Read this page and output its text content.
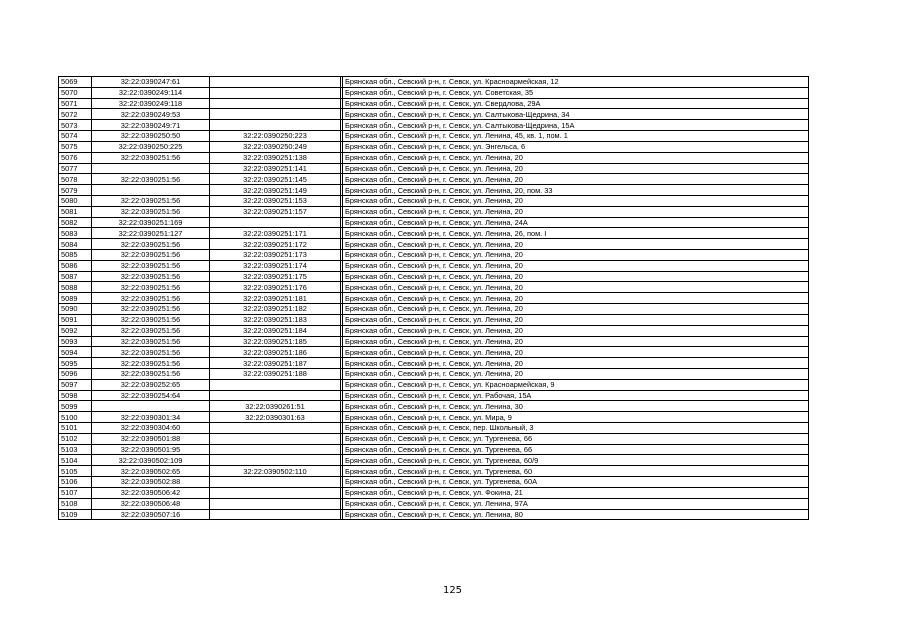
5069	32:22:0390247:61			Брянская обл., Севский р-н, г. Севск, ул. Красноармейская, 12
5070	32:22:0390249:114			Брянская обл., Севский р-н, г. Севск, ул. Советская, 35
5071	32:22:0390249:118			Брянская обл., Севский р-н, г. Севск, ул. Свердлова, 29А
5072	32:22:0390249:53			Брянская обл., Севский р-н, г. Севск, ул. Салтыкова-Щедрина, 34
5073	32:22:0390249:71			Брянская обл., Севский р-н, г. Севск, ул. Салтыкова-Щедрина, 15А
5074	32:22:0390250:50	32:22:0390250:223		Брянская обл., Севский р-н, г. Севск, ул. Ленина, 45, кв. 1, пом. 1
5075	32:22:0390250:225	32:22:0390250:249		Брянская обл., Севский р-н, г. Севск, ул. Энгельса, 6
5076	32:22:0390251:56	32:22:0390251:138		Брянская обл., Севский р-н, г. Севск, ул. Ленина, 20
5077		32:22:0390251:141		Брянская обл., Севский р-н, г. Севск, ул. Ленина, 20
5078	32:22:0390251:56	32:22:0390251:145		Брянская обл., Севский р-н, г. Севск, ул. Ленина, 20
5079		32:22:0390251:149		Брянская обл., Севский р-н, г. Севск, ул. Ленина, 20, пом. 33
5080	32:22:0390251:56	32:22:0390251:153		Брянская обл., Севский р-н, г. Севск, ул. Ленина, 20
5081	32:22:0390251:56	32:22:0390251:157		Брянская обл., Севский р-н, г. Севск, ул. Ленина, 20
5082	32:22:0390251:169			Брянская обл., Севский р-н, г. Севск, ул. Ленина, 24А
5083	32:22:0390251:127	32:22:0390251:171		Брянская обл., Севский р-н, г. Севск, ул. Ленина, 26, пом. I
5084	32:22:0390251:56	32:22:0390251:172		Брянская обл., Севский р-н, г. Севск, ул. Ленина, 20
5085	32:22:0390251:56	32:22:0390251:173		Брянская обл., Севский р-н, г. Севск, ул. Ленина, 20
5086	32:22:0390251:56	32:22:0390251:174		Брянская обл., Севский р-н, г. Севск, ул. Ленина, 20
5087	32:22:0390251:56	32:22:0390251:175		Брянская обл., Севский р-н, г. Севск, ул. Ленина, 20
5088	32:22:0390251:56	32:22:0390251:176		Брянская обл., Севский р-н, г. Севск, ул. Ленина, 20
5089	32:22:0390251:56	32:22:0390251:181		Брянская обл., Севский р-н, г. Севск, ул. Ленина, 20
5090	32:22:0390251:56	32:22:0390251:182		Брянская обл., Севский р-н, г. Севск, ул. Ленина, 20
5091	32:22:0390251:56	32:22:0390251:183		Брянская обл., Севский р-н, г. Севск, ул. Ленина, 20
5092	32:22:0390251:56	32:22:0390251:184		Брянская обл., Севский р-н, г. Севск, ул. Ленина, 20
5093	32:22:0390251:56	32:22:0390251:185		Брянская обл., Севский р-н, г. Севск, ул. Ленина, 20
5094	32:22:0390251:56	32:22:0390251:186		Брянская обл., Севский р-н, г. Севск, ул. Ленина, 20
5095	32:22:0390251:56	32:22:0390251:187		Брянская обл., Севский р-н, г. Севск, ул. Ленина, 20
5096	32:22:0390251:56	32:22:0390251:188		Брянская обл., Севский р-н, г. Севск, ул. Ленина, 20
5097	32:22:0390252:65			Брянская обл., Севский р-н, г. Севск, ул. Красноармейская, 9
5098	32:22:0390254:64			Брянская обл., Севский р-н, г. Севск, ул. Рабочая, 15А
5099		32:22:0390261:51		Брянская обл., Севский р-н, г. Севск, ул. Ленина, 30
5100	32:22:0390301:34	32:22:0390301:63		Брянская обл., Севский р-н, г. Севск, ул. Мира, 9
5101	32:22:0390304:60			Брянская обл., Севский р-н, г. Севск, пер. Школьный, 3
5102	32:22:0390501:88			Брянская обл., Севский р-н, г. Севск, ул. Тургенева, 66
5103	32:22:0390501:95			Брянская обл., Севский р-н, г. Севск, ул. Тургенева, 66
5104	32:22:0390502:109			Брянская обл., Севский р-н, г. Севск, ул. Тургенева, 60/9
5105	32:22:0390502:65	32:22:0390502:110		Брянская обл., Севский р-н, г. Севск, ул. Тургенева, 60
5106	32:22:0390502:88			Брянская обл., Севский р-н, г. Севск, ул. Тургенева, 60А
5107	32:22:0390506:42			Брянская обл., Севский р-н, г. Севск, ул. Фокина, 21
5108	32:22:0390506:48			Брянская обл., Севский р-н, г. Севск, ул. Ленина, 97А
5109	32:22:0390507:16			Брянская обл., Севский р-н, г. Севск, ул. Ленина, 80
125
